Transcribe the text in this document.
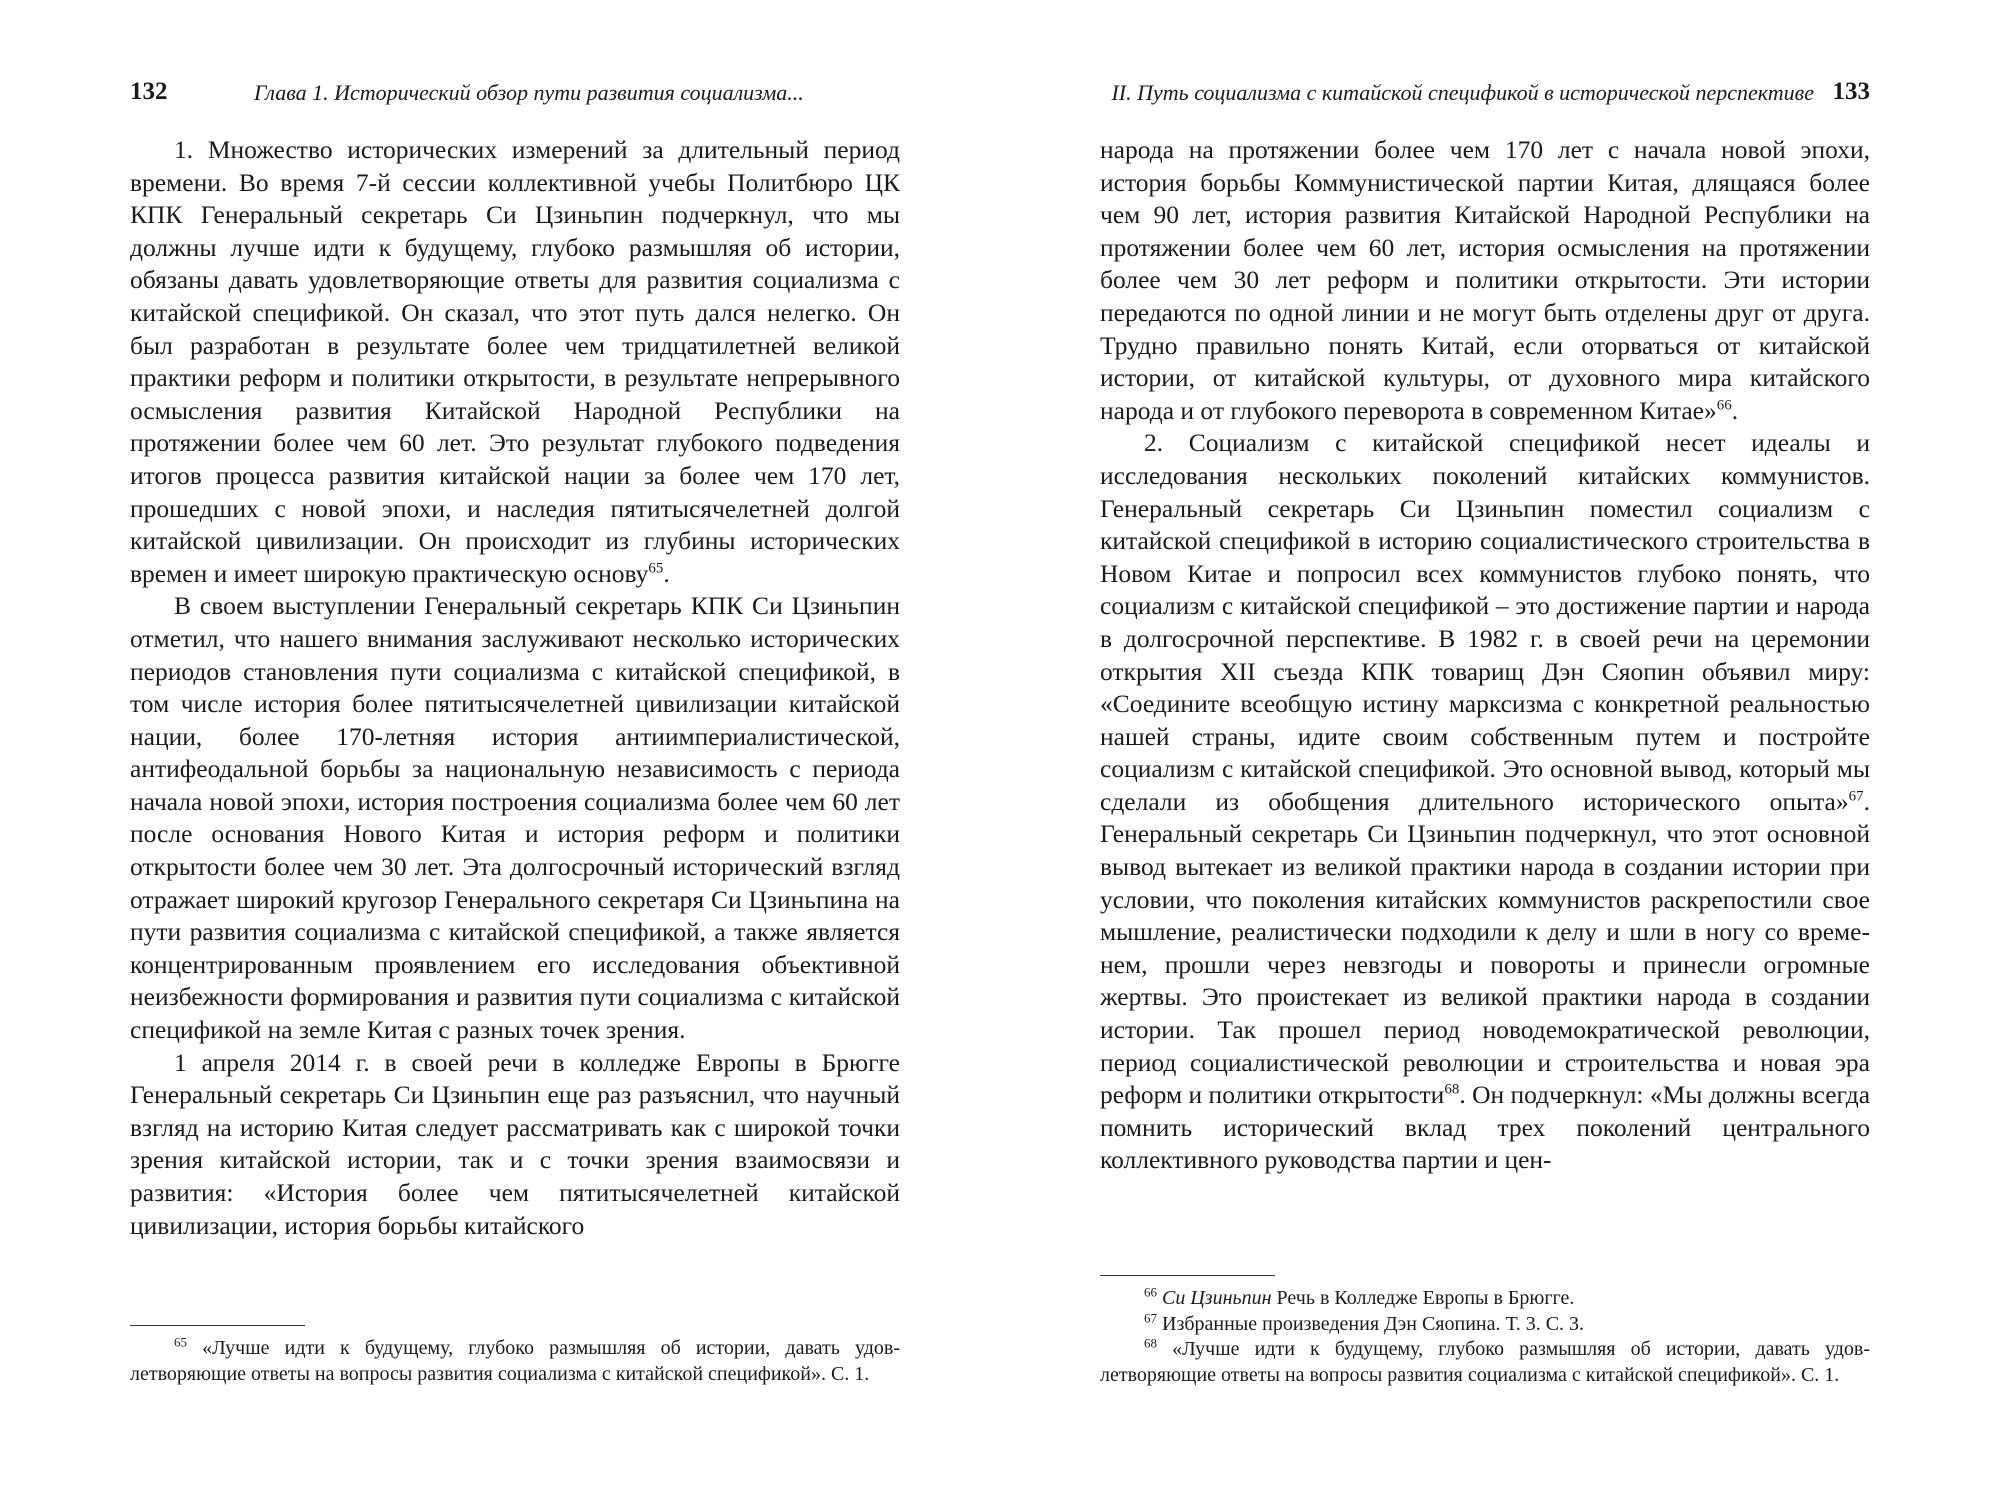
132	Глава 1. Исторический обзор пути развития социализма...

1. Множество исторических измерений за длительный период времени. Во время 7-й сессии коллективной учебы Политбюро ЦК КПК Генеральный секретарь Си Цзиньпин подчеркнул, что мы должны лучше идти к будущему, глубоко размышляя об истории, обязаны давать удовлетворяющие ответы для развития социализма с китайской спецификой. Он сказал, что этот путь дался нелегко. Он был разработан в результате более чем тридцатилетней великой практики реформ и политики открытости, в результате непрерывного осмысления развития Китайской Народной Республики на протяжении более чем 60 лет. Это результат глубокого подведения итогов процесса развития китайской нации за более чем 170 лет, прошедших с новой эпохи, и наследия пятитысячелетней долгой китайской цивилизации. Он происходит из глубины исторических времен и имеет широкую практическую основу$^{65}$.

В своем выступлении Генеральный секретарь КПК Си Цзиньпин отметил, что нашего внимания заслуживают несколько исторических периодов становления пути социализма с китайской спецификой, в том числе история более пятитысячелетней цивилизации китайской нации, более 170-летняя история антиимпериалистической, антифеодальной борьбы за национальную независимость с периода начала новой эпохи, история построения социализма более чем 60 лет после основания Нового Китая и история реформ и политики открытости более чем 30 лет. Эта долгосрочный исторический взгляд отражает широкий кругозор Генерального секретаря Си Цзиньпина на пути развития социализма с китайской спецификой, а также является концентрированным проявлением его исследования объективной неизбежности формирования и развития пути социализма с китайской спецификой на земле Китая с разных точек зрения.

1 апреля 2014 г. в своей речи в колледже Европы в Брюгге Генеральный секретарь Си Цзиньпин еще раз разъяснил, что научный взгляд на историю Китая следует рассматривать как с широкой точки зрения китайской истории, так и с точки зрения взаимосвязи и развития: «История более чем пятитысячелетней китайской цивилизации, история борьбы китайского

$^{65}$ «Лучше идти к будущему, глубоко размышляя об истории, давать удовлетворяющие ответы на вопросы развития социализма с китайской спецификой». С. 1.

II. Путь социализма с китайской спецификой в исторической перспективе 133

народа на протяжении более чем 170 лет с начала новой эпохи, история борьбы Коммунистической партии Китая, длящаяся более чем 90 лет, история развития Китайской Народной Республики на протяжении более чем 60 лет, история осмысления на протяжении более чем 30 лет реформ и политики открытости. Эти истории передаются по одной линии и не могут быть отделены друг от друга. Трудно правильно понять Китай, если оторваться от китайской истории, от китайской культуры, от духовного мира китайского народа и от глубокого переворота в современном Китае»$^{66}$.

2. Социализм с китайской спецификой несет идеалы и исследования нескольких поколений китайских коммунистов. Генеральный секретарь Си Цзиньпин поместил социализм с китайской спецификой в историю социалистического строительства в Новом Китае и попросил всех коммунистов глубоко понять, что социализм с китайской спецификой – это достижение партии и народа в долгосрочной перспективе. В 1982 г. в своей речи на церемонии открытия XII съезда КПК товарищ Дэн Сяопин объявил миру: «Соедините всеобщую истину марксизма с конкретной реальностью нашей страны, идите своим собственным путем и постройте социализм с китайской спецификой. Это основной вывод, который мы сделали из обобщения длительного исторического опыта»$^{67}$. Генеральный секретарь Си Цзиньпин подчеркнул, что этот основной вывод вытекает из великой практики народа в создании истории при условии, что поколения китайских коммунистов раскрепостили свое мышление, реалистически подходили к делу и шли в ногу со временем, прошли через невзгоды и повороты и принесли огромные жертвы. Это проистекает из великой практики народа в создании истории. Так прошел период новодемократической революции, период социалистической революции и строительства и новая эра реформ и политики открытости$^{68}$. Он подчеркнул: «Мы должны всегда помнить исторический вклад трех поколений центрального коллективного руководства партии и цен-

$^{66}$ Си Цзиньпин Речь в Колледже Европы в Брюгге.

$^{67}$ Избранные произведения Дэн Сяопина. Т. 3. С. 3.

$^{68}$ «Лучше идти к будущему, глубоко размышляя об истории, давать удовлетворяющие ответы на вопросы развития социализма с китайской спецификой». С. 1.
